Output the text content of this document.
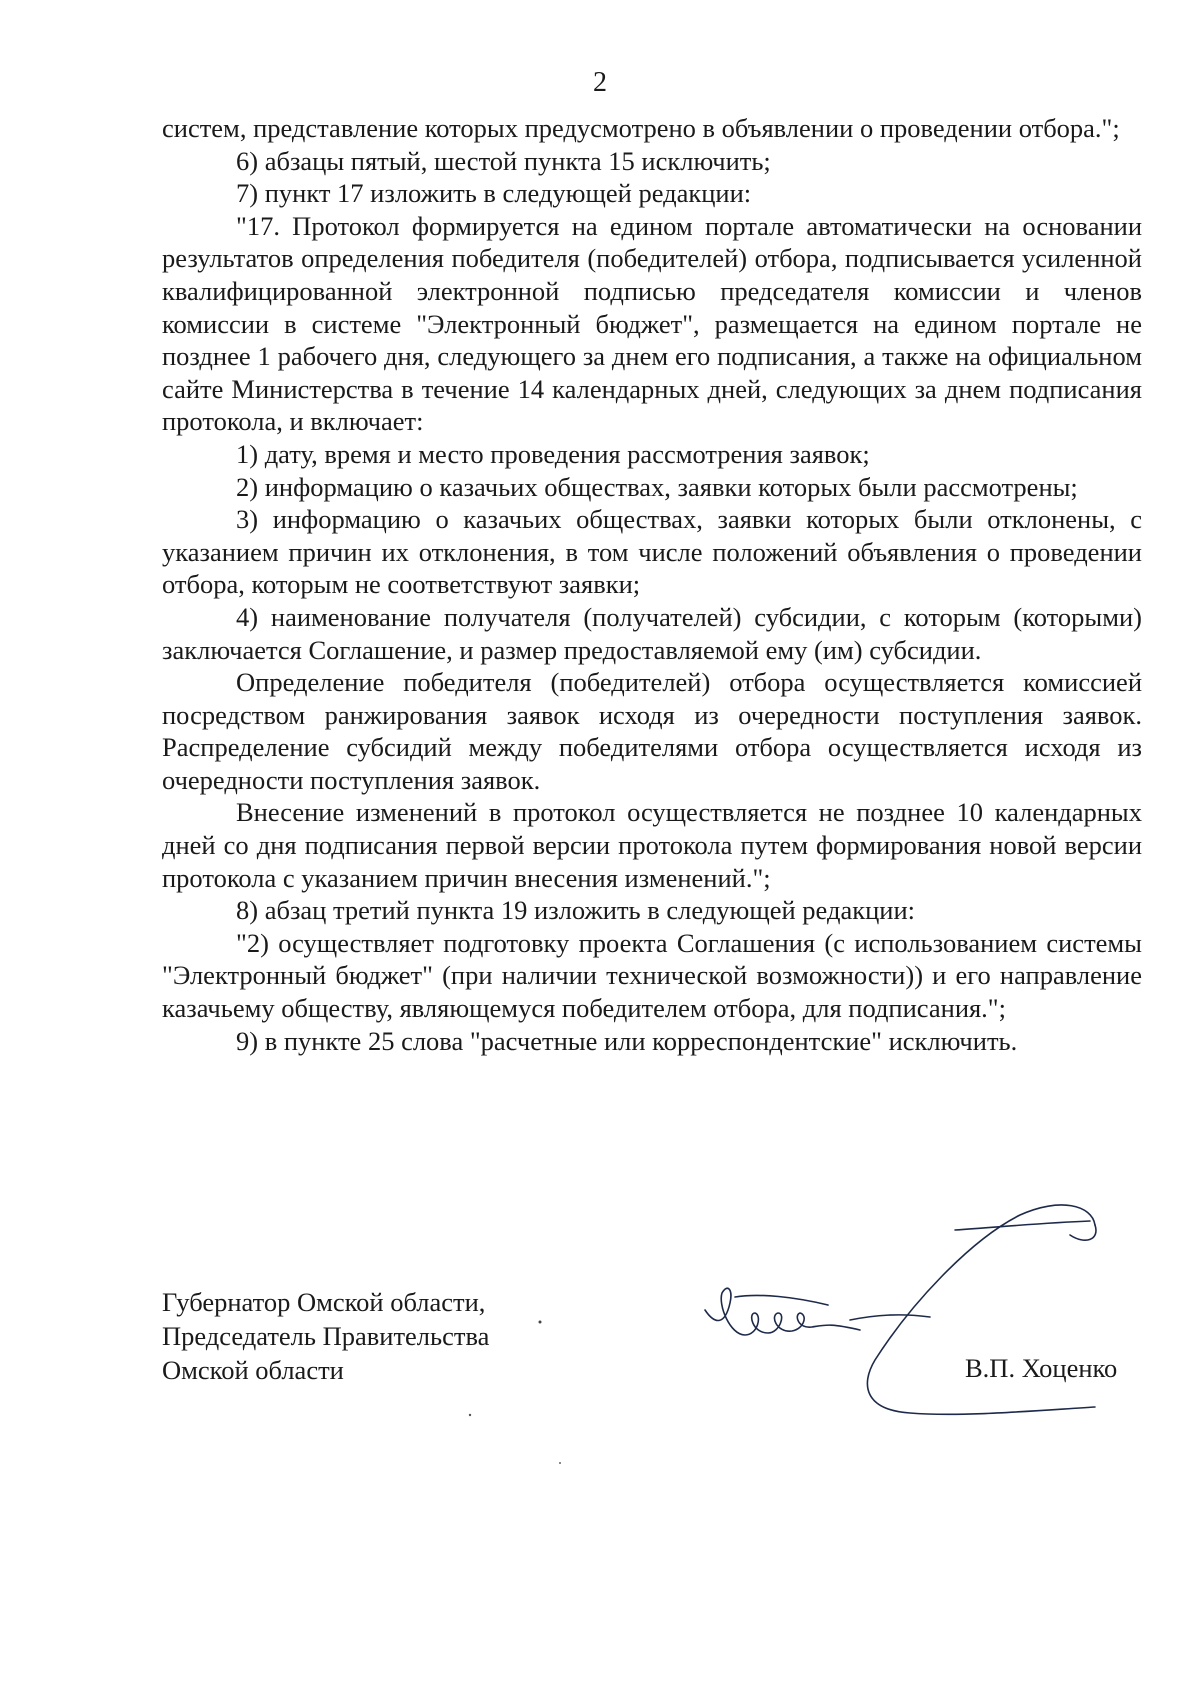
2

систем, представление которых предусмотрено в объявлении о проведении отбора.";

6) абзацы пятый, шестой пункта 15 исключить;

7) пункт 17 изложить в следующей редакции:

"17. Протокол формируется на едином портале автоматически на основании результатов определения победителя (победителей) отбора, подписывается усиленной квалифицированной электронной подписью председателя комиссии и членов комиссии в системе "Электронный бюджет", размещается на едином портале не позднее 1 рабочего дня, следующего за днем его подписания, а также на официальном сайте Министерства в течение 14 календарных дней, следующих за днем подписания протокола, и включает:

1) дату, время и место проведения рассмотрения заявок;

2) информацию о казачьих обществах, заявки которых были рассмотрены;

3) информацию о казачьих обществах, заявки которых были отклонены, с указанием причин их отклонения, в том числе положений объявления о проведении отбора, которым не соответствуют заявки;

4) наименование получателя (получателей) субсидии, с которым (которыми) заключается Соглашение, и размер предоставляемой ему (им) субсидии.

Определение победителя (победителей) отбора осуществляется комиссией посредством ранжирования заявок исходя из очередности поступления заявок. Распределение субсидий между победителями отбора осуществляется исходя из очередности поступления заявок.

Внесение изменений в протокол осуществляется не позднее 10 календарных дней со дня подписания первой версии протокола путем формирования новой версии протокола с указанием причин внесения изменений.";

8) абзац третий пункта 19 изложить в следующей редакции:

"2) осуществляет подготовку проекта Соглашения (с использованием системы "Электронный бюджет" (при наличии технической возможности)) и его направление казачьему обществу, являющемуся победителем отбора, для подписания.";

9) в пункте 25 слова "расчетные или корреспондентские" исключить.

Губернатор Омской области,
Председатель Правительства
Омской области	В.П. Хоценко
